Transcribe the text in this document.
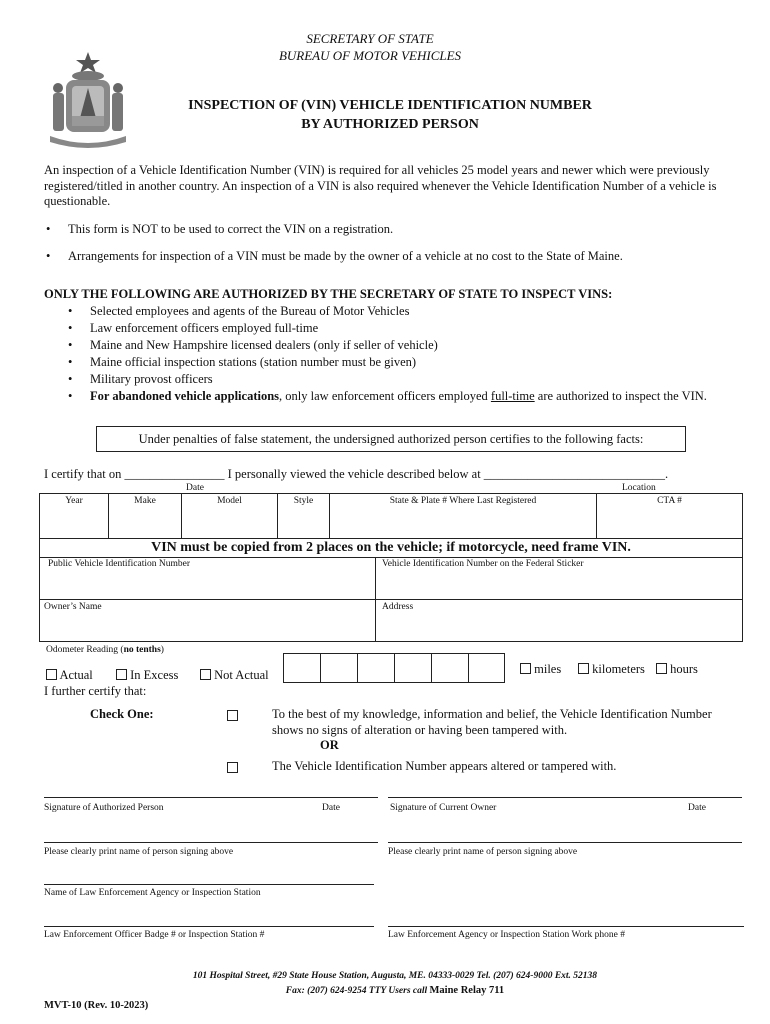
SECRETARY OF STATE
BUREAU OF MOTOR VEHICLES
INSPECTION OF (VIN) VEHICLE IDENTIFICATION NUMBER
BY AUTHORIZED PERSON
An inspection of a Vehicle Identification Number (VIN) is required for all vehicles 25 model years and newer which were previously registered/titled in another country. An inspection of a VIN is also required whenever the Vehicle Identification Number of a vehicle is questionable.
• This form is NOT to be used to correct the VIN on a registration.
• Arrangements for inspection of a VIN must be made by the owner of a vehicle at no cost to the State of Maine.
ONLY THE FOLLOWING ARE AUTHORIZED BY THE SECRETARY OF STATE TO INSPECT VINS:
• Selected employees and agents of the Bureau of Motor Vehicles
• Law enforcement officers employed full-time
• Maine and New Hampshire licensed dealers (only if seller of vehicle)
• Maine official inspection stations (station number must be given)
• Military provost officers
• For abandoned vehicle applications, only law enforcement officers employed full-time are authorized to inspect the VIN.
Under penalties of false statement, the undersigned authorized person certifies to the following facts:
I certify that on ________________ I personally viewed the vehicle described below at _____________________________.
Date	Location
Year	Make	Model	Style	State & Plate # Where Last Registered	CTA #
VIN must be copied from 2 places on the vehicle; if motorcycle, need frame VIN.
Public Vehicle Identification Number	Vehicle Identification Number on the Federal Sticker
Owner’s Name	Address
Odometer Reading (no tenths)
Actual	In Excess	Not Actual	miles	kilometers	hours
I further certify that:
Check One:	To the best of my knowledge, information and belief, the Vehicle Identification Number shows no signs of alteration or having been tampered with.
OR
The Vehicle Identification Number appears altered or tampered with.
Signature of Authorized Person	Date	Signature of Current Owner	Date
Please clearly print name of person signing above	Please clearly print name of person signing above
Name of Law Enforcement Agency or Inspection Station
Law Enforcement Officer Badge # or Inspection Station #	Law Enforcement Agency or Inspection Station Work phone #
101 Hospital Street, #29 State House Station, Augusta, ME. 04333-0029 Tel. (207) 624-9000 Ext. 52138
Fax: (207) 624-9254 TTY Users call Maine Relay 711
MVT-10 (Rev. 10-2023)
